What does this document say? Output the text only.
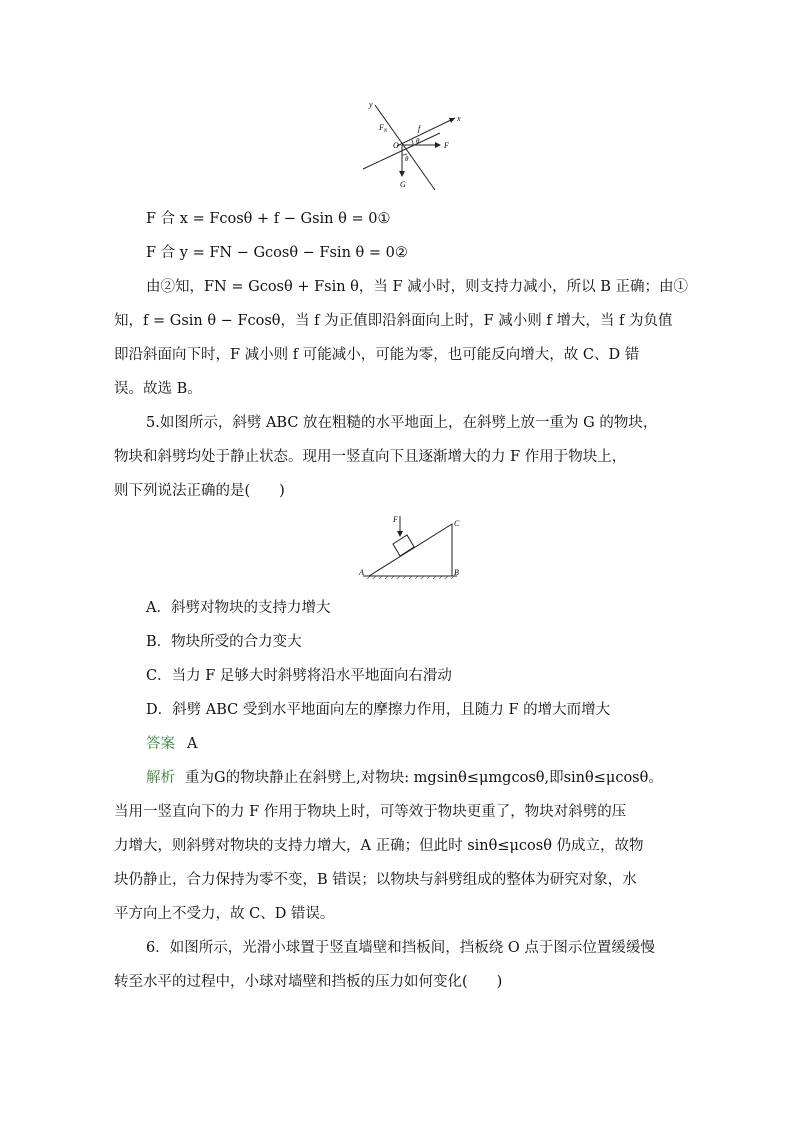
y
x
$F_N$	f
O θ
θ
F
G
F 合 x = Fcosθ + f − Gsin θ = 0①
F 合 y = FN − Gcosθ − Fsin θ = 0②
由②知，FN = Gcosθ + Fsin θ，当 F 减小时，则支持力减小，所以 B 正确；由①
知，f = Gsin θ − Fcosθ，当 f 为正值即沿斜面向上时，F 减小则 f 增大，当 f 为负值
即沿斜面向下时，F 减小则 f 可能减小，可能为零，也可能反向增大，故 C、D 错
误。故选 B。
5.如图所示，斜劈 ABC 放在粗糙的水平地面上，在斜劈上放一重为 G 的物块，
物块和斜劈均处于静止状态。现用一竖直向下且逐渐增大的力 F 作用于物块上，
则下列说法正确的是(　　)
F	C
A	B
A．斜劈对物块的支持力增大
B．物块所受的合力变大
C．当力 F 足够大时斜劈将沿水平地面向右滑动
D．斜劈 ABC 受到水平地面向左的摩擦力作用，且随力 F 的增大而增大
答案 A
解析 重为G的物块静止在斜劈上,对物块: mgsinθ≤μmgcosθ,即sinθ≤μcosθ。
当用一竖直向下的力 F 作用于物块上时，可等效于物块更重了，物块对斜劈的压
力增大，则斜劈对物块的支持力增大，A 正确；但此时 sinθ≤μcosθ 仍成立，故物
块仍静止，合力保持为零不变，B 错误；以物块与斜劈组成的整体为研究对象，水
平方向上不受力，故 C、D 错误。
6．如图所示，光滑小球置于竖直墙壁和挡板间，挡板绕 O 点于图示位置缓缓慢
转至水平的过程中，小球对墙壁和挡板的压力如何变化(　　)
